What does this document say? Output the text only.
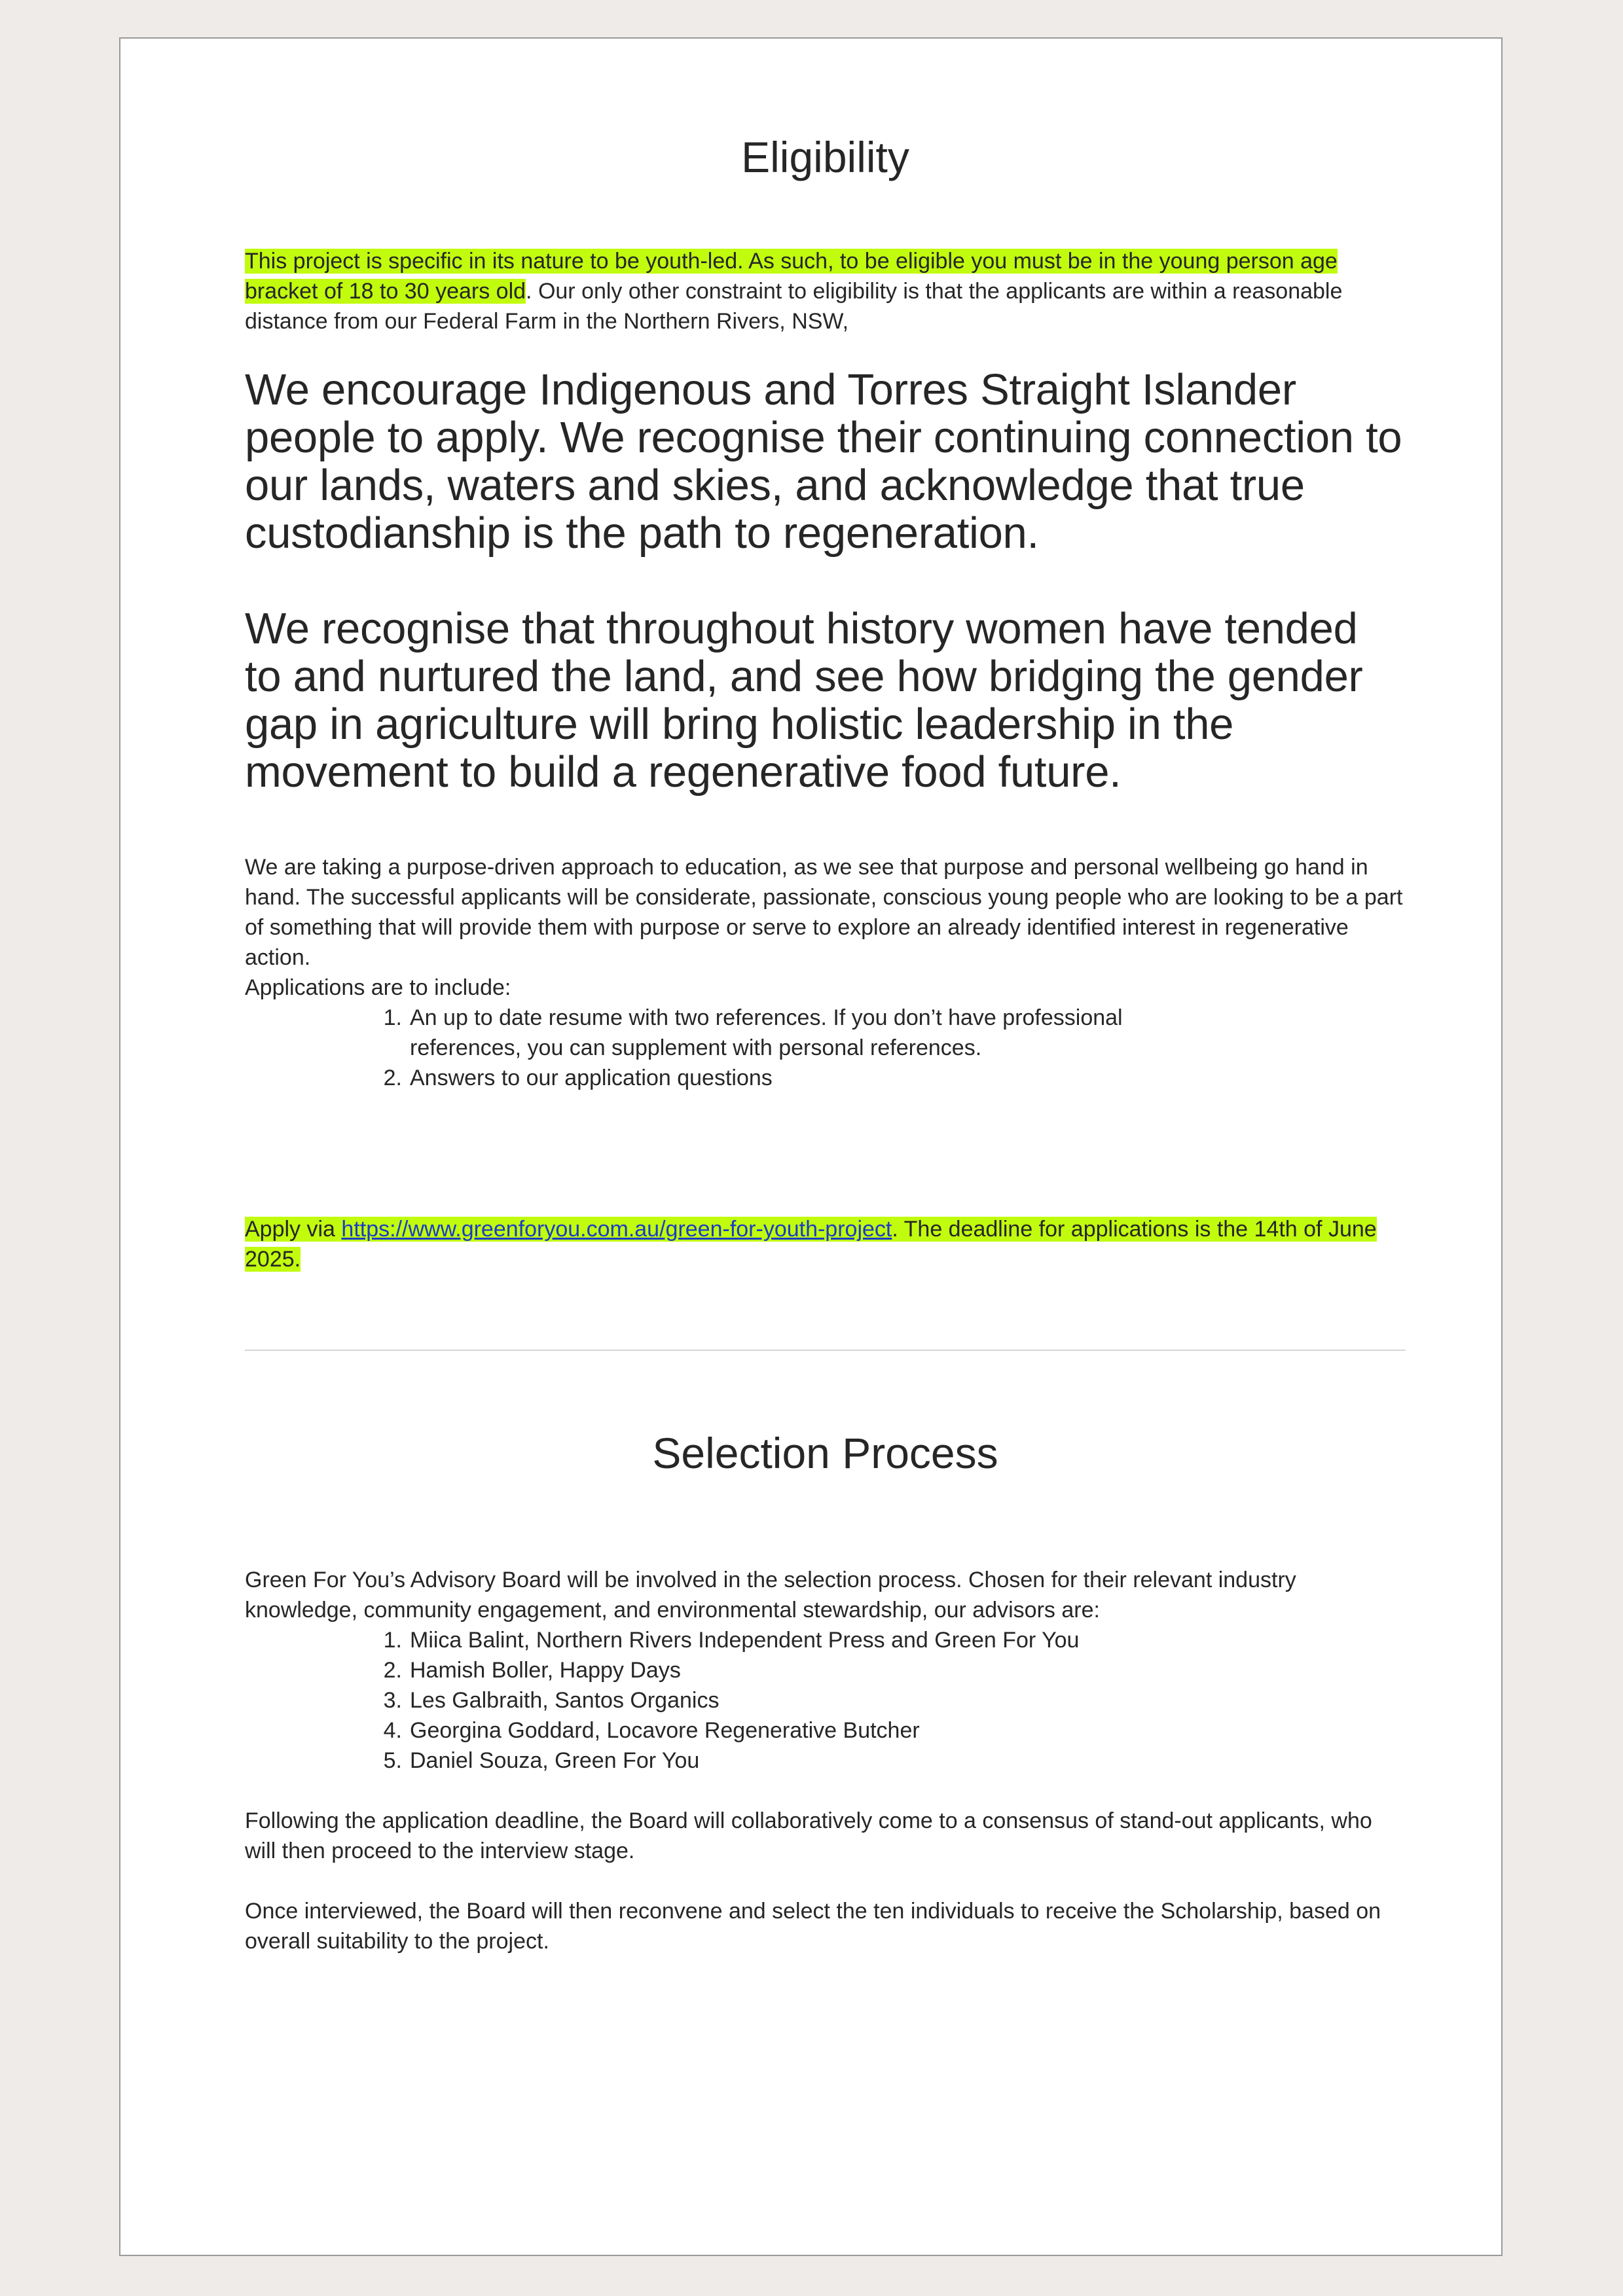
Eligibility

This project is specific in its nature to be youth-led. As such, to be eligible you must be in the young person age bracket of 18 to 30 years old. Our only other constraint to eligibility is that the applicants are within a reasonable distance from our Federal Farm in the Northern Rivers, NSW,

We encourage Indigenous and Torres Straight Islander people to apply. We recognise their continuing connection to our lands, waters and skies, and acknowledge that true custodianship is the path to regeneration.

We recognise that throughout history women have tended to and nurtured the land, and see how bridging the gender gap in agriculture will bring holistic leadership in the movement to build a regenerative food future.

We are taking a purpose-driven approach to education, as we see that purpose and personal wellbeing go hand in hand. The successful applicants will be considerate, passionate, conscious young people who are looking to be a part of something that will provide them with purpose or serve to explore an already identified interest in regenerative action.

Applications are to include:

1. An up to date resume with two references. If you don’t have professional references, you can supplement with personal references.
2. Answers to our application questions

Apply via https://www.greenforyou.com.au/green-for-youth-project. The deadline for applications is the 14th of June 2025.

Selection Process

Green For You’s Advisory Board will be involved in the selection process. Chosen for their relevant industry knowledge, community engagement, and environmental stewardship, our advisors are:

1. Miica Balint, Northern Rivers Independent Press and Green For You
2. Hamish Boller, Happy Days
3. Les Galbraith, Santos Organics
4. Georgina Goddard, Locavore Regenerative Butcher
5. Daniel Souza, Green For You

Following the application deadline, the Board will collaboratively come to a consensus of stand-out applicants, who will then proceed to the interview stage.

Once interviewed, the Board will then reconvene and select the ten individuals to receive the Scholarship, based on overall suitability to the project.
